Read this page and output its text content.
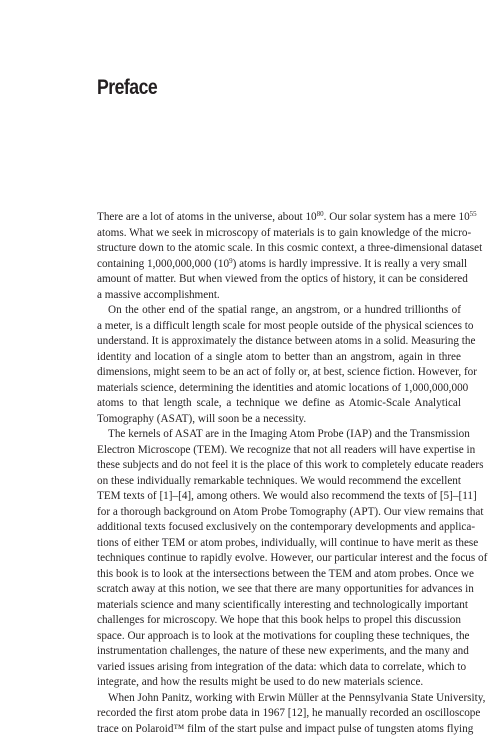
Preface
There are a lot of atoms in the universe, about $10^{80}$. Our solar system has a mere $10^{55}$
atoms. What we seek in microscopy of materials is to gain knowledge of the micro-
structure down to the atomic scale. In this cosmic context, a three-dimensional dataset
containing 1,000,000,000 $(10^9)$ atoms is hardly impressive. It is really a very small
amount of matter. But when viewed from the optics of history, it can be considered
a massive accomplishment.
On the other end of the spatial range, an angstrom, or a hundred trillionths of
a meter, is a difficult length scale for most people outside of the physical sciences to
understand. It is approximately the distance between atoms in a solid. Measuring the
identity and location of a single atom to better than an angstrom, again in three
dimensions, might seem to be an act of folly or, at best, science fiction. However, for
materials science, determining the identities and atomic locations of 1,000,000,000
atoms to that length scale, a technique we define as Atomic-Scale Analytical
Tomography (ASAT), will soon be a necessity.
The kernels of ASAT are in the Imaging Atom Probe (IAP) and the Transmission
Electron Microscope (TEM). We recognize that not all readers will have expertise in
these subjects and do not feel it is the place of this work to completely educate readers
on these individually remarkable techniques. We would recommend the excellent
TEM texts of [1]–[4], among others. We would also recommend the texts of [5]–[11]
for a thorough background on Atom Probe Tomography (APT). Our view remains that
additional texts focused exclusively on the contemporary developments and applica-
tions of either TEM or atom probes, individually, will continue to have merit as these
techniques continue to rapidly evolve. However, our particular interest and the focus of
this book is to look at the intersections between the TEM and atom probes. Once we
scratch away at this notion, we see that there are many opportunities for advances in
materials science and many scientifically interesting and technologically important
challenges for microscopy. We hope that this book helps to propel this discussion
space. Our approach is to look at the motivations for coupling these techniques, the
instrumentation challenges, the nature of these new experiments, and the many and
varied issues arising from integration of the data: which data to correlate, which to
integrate, and how the results might be used to do new materials science.
When John Panitz, working with Erwin Müller at the Pennsylvania State University,
recorded the first atom probe data in 1967 [12], he manually recorded an oscilloscope
trace on Polaroid™ film of the start pulse and impact pulse of tungsten atoms flying
